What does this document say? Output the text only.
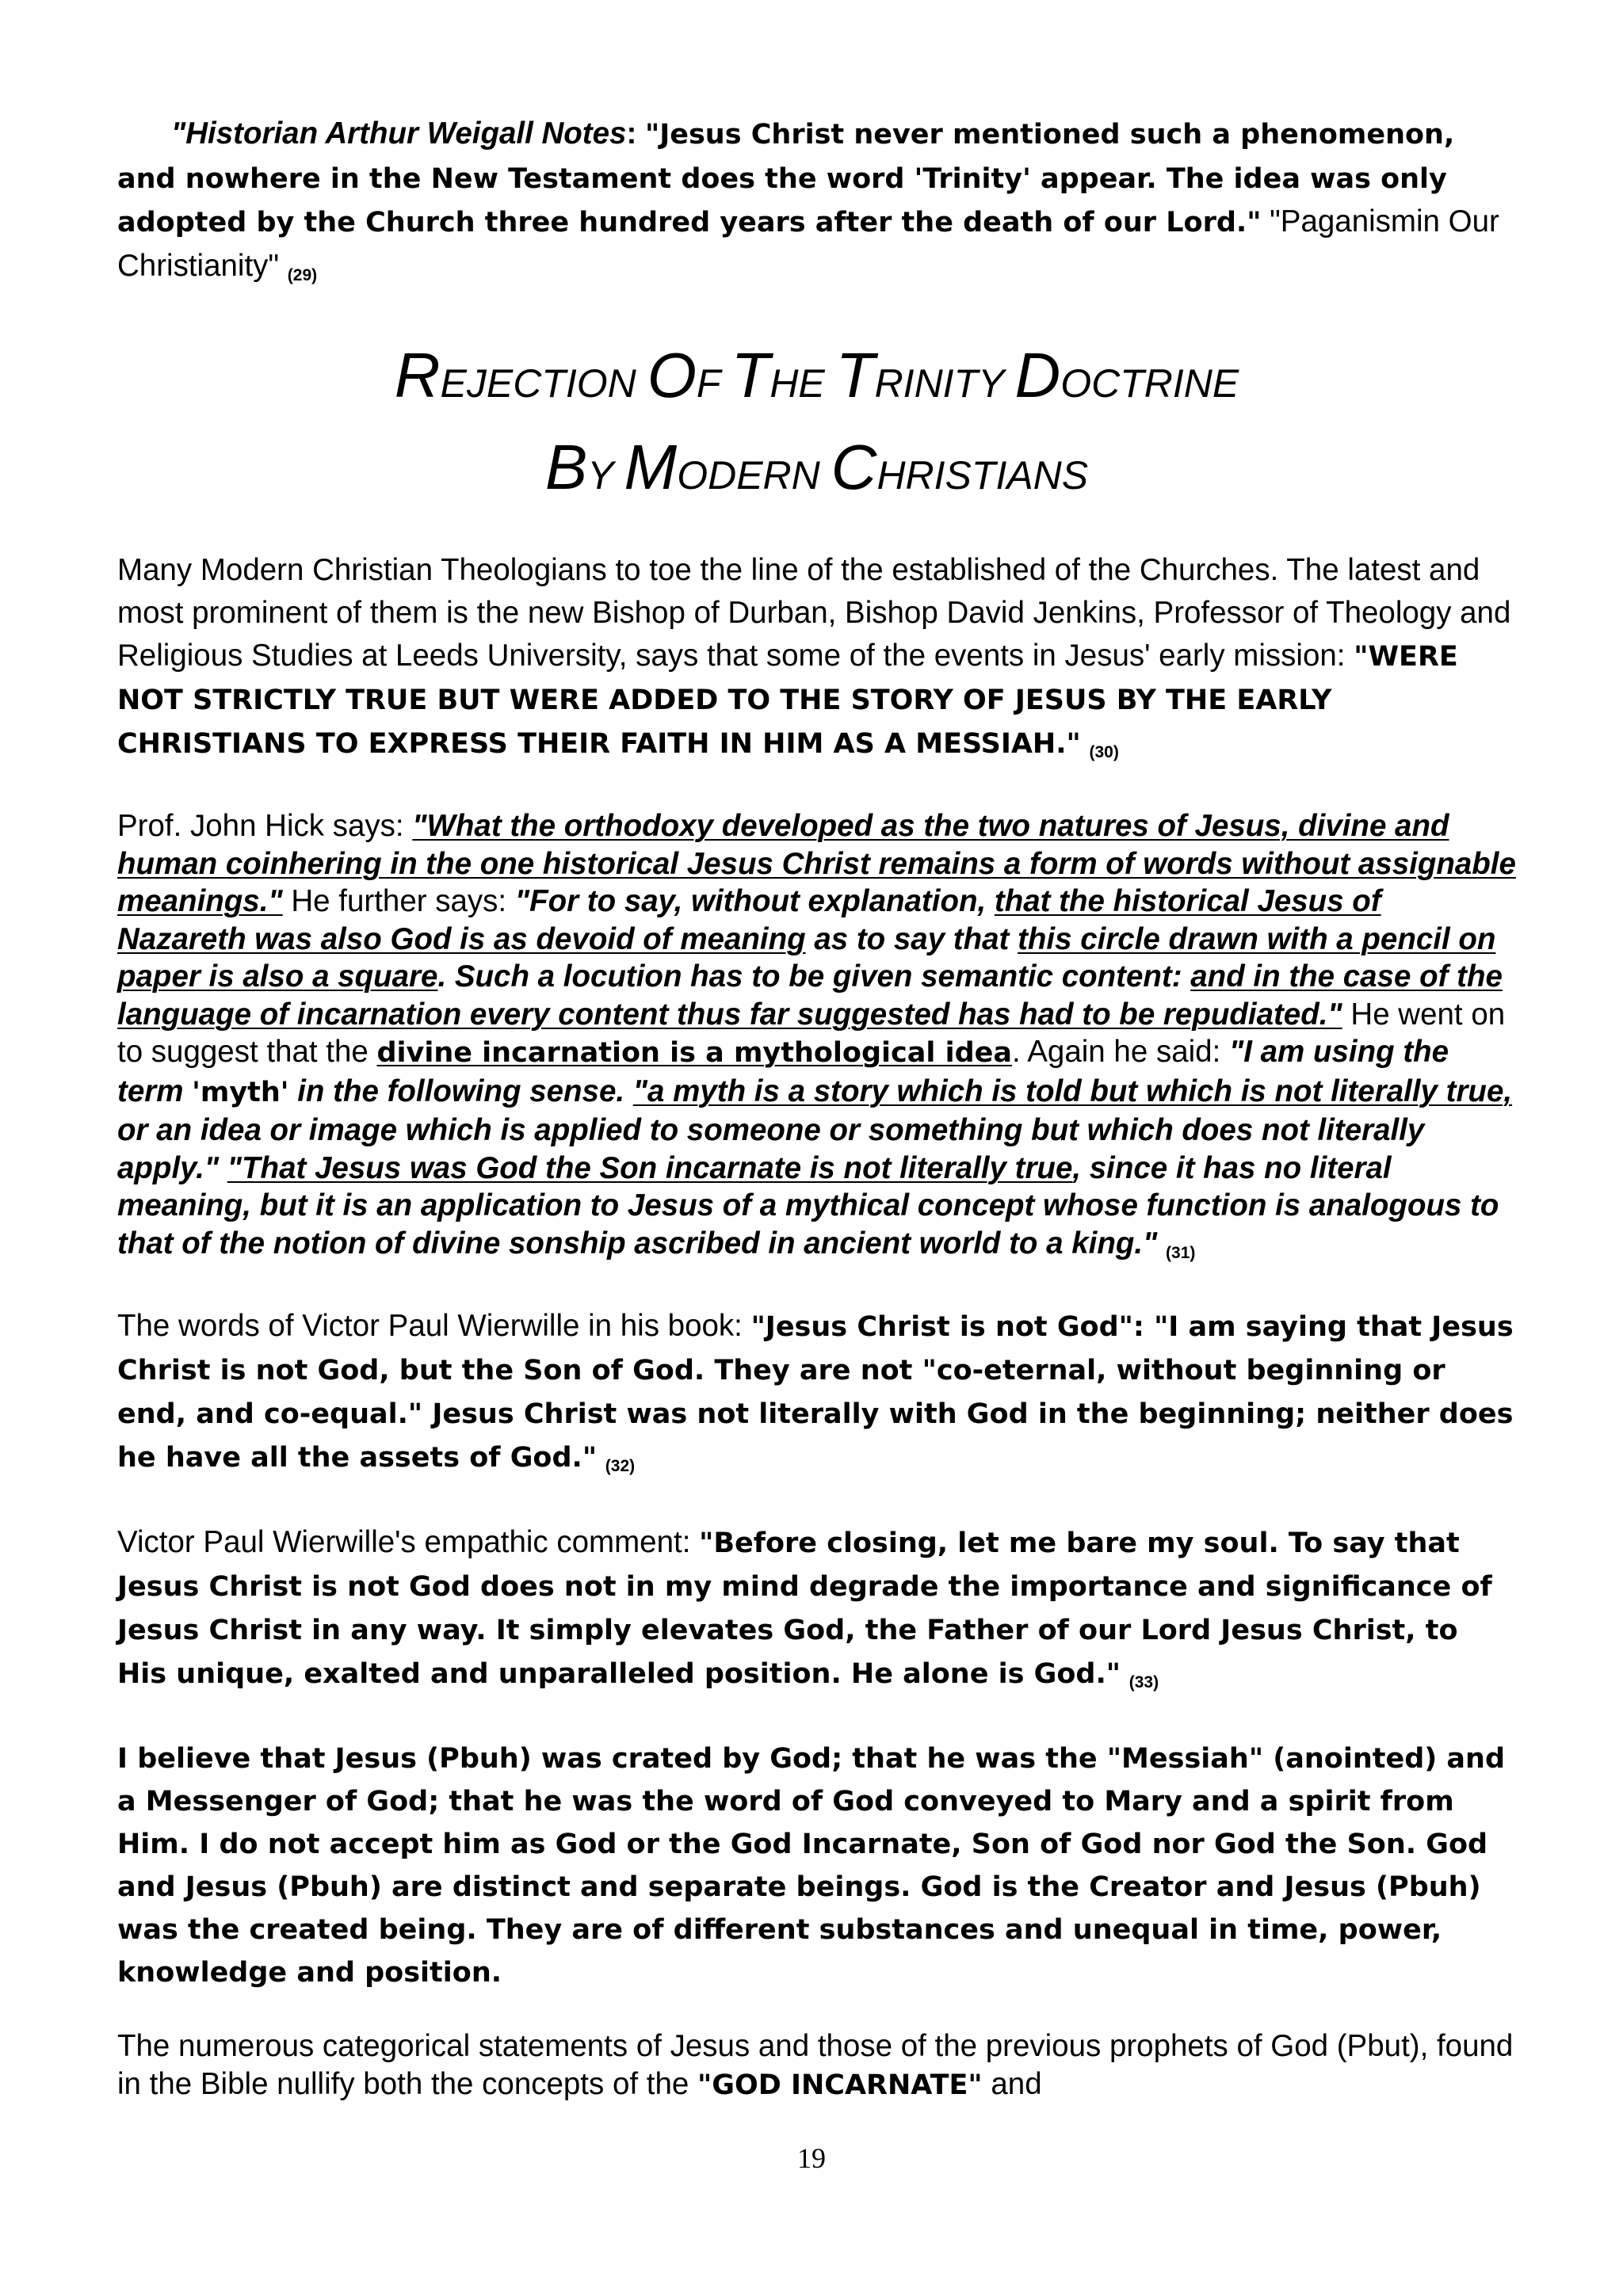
"Historian Arthur Weigall Notes: "Jesus Christ never mentioned such a phenomenon, and nowhere in the New Testament does the word 'Trinity' appear. The idea was only adopted by the Church three hundred years after the death of our Lord." "Paganismin Our Christianity" (29)

REJECTION OF THE TRINITY DOCTRINE
BY MODERN CHRISTIANS

Many Modern Christian Theologians to toe the line of the established of the Churches. The latest and most prominent of them is the new Bishop of Durban, Bishop David Jenkins, Professor of Theology and Religious Studies at Leeds University, says that some of the events in Jesus' early mission: "WERE NOT STRICTLY TRUE BUT WERE ADDED TO THE STORY OF JESUS BY THE EARLY CHRISTIANS TO EXPRESS THEIR FAITH IN HIM AS A MESSIAH." (30)

Prof. John Hick says: "What the orthodoxy developed as the two natures of Jesus, divine and human coinhering in the one historical Jesus Christ remains a form of words without assignable meanings." He further says: "For to say, without explanation, that the historical Jesus of Nazareth was also God is as devoid of meaning as to say that this circle drawn with a pencil on paper is also a square. Such a locution has to be given semantic content: and in the case of the language of incarnation every content thus far suggested has had to be repudiated." He went on to suggest that the divine incarnation is a mythological idea. Again he said: "I am using the term 'myth' in the following sense. "a myth is a story which is told but which is not literally true, or an idea or image which is applied to someone or something but which does not literally apply." "That Jesus was God the Son incarnate is not literally true, since it has no literal meaning, but it is an application to Jesus of a mythical concept whose function is analogous to that of the notion of divine sonship ascribed in ancient world to a king." (31)

The words of Victor Paul Wierwille in his book: "Jesus Christ is not God": "I am saying that Jesus Christ is not God, but the Son of God. They are not "co-eternal, without beginning or end, and co-equal." Jesus Christ was not literally with God in the beginning; neither does he have all the assets of God." (32)

Victor Paul Wierwille's empathic comment: "Before closing, let me bare my soul. To say that Jesus Christ is not God does not in my mind degrade the importance and significance of Jesus Christ in any way. It simply elevates God, the Father of our Lord Jesus Christ, to His unique, exalted and unparalleled position. He alone is God." (33)

I believe that Jesus (Pbuh) was crated by God; that he was the "Messiah" (anointed) and a Messenger of God; that he was the word of God conveyed to Mary and a spirit from Him. I do not accept him as God or the God Incarnate, Son of God nor God the Son. God and Jesus (Pbuh) are distinct and separate beings. God is the Creator and Jesus (Pbuh) was the created being. They are of different substances and unequal in time, power, knowledge and position.

The numerous categorical statements of Jesus and those of the previous prophets of God (Pbut), found in the Bible nullify both the concepts of the "GOD INCARNATE" and

19
